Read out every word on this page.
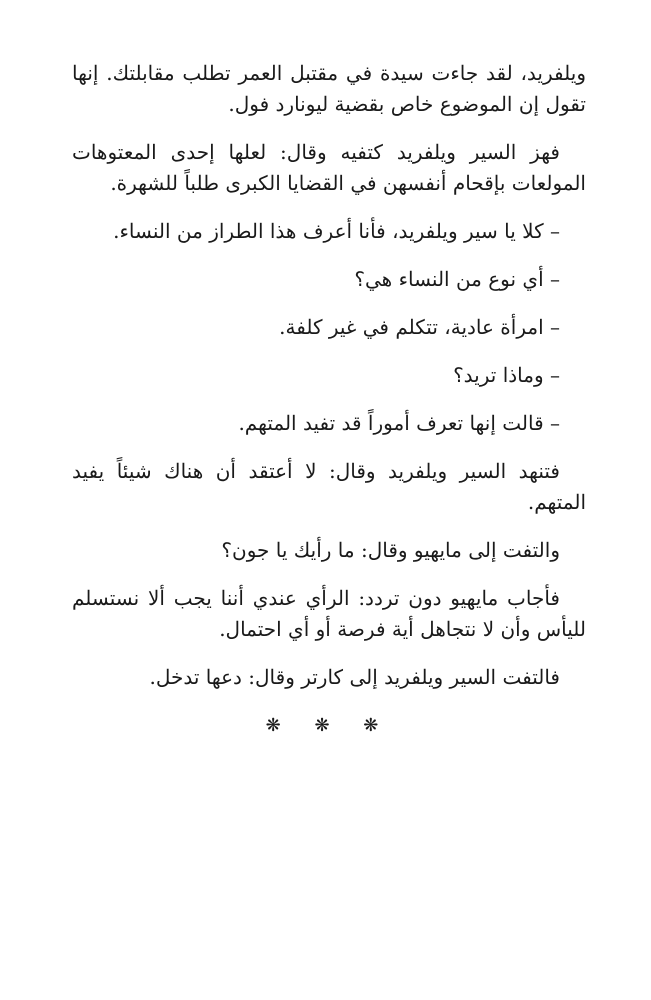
ويلفريد، لقد جاءت سيدة في مقتبل العمر تطلب مقابلتك. إنها تقول إن الموضوع خاص بقضية ليونارد فول.

فهز السير ويلفريد كتفيه وقال: لعلها إحدى المعتوهات المولعات بإقحام أنفسهن في القضايا الكبرى طلباً للشهرة.

– كلا يا سير ويلفريد، فأنا أعرف هذا الطراز من النساء.

– أي نوع من النساء هي؟

– امرأة عادية، تتكلم في غير كلفة.

– وماذا تريد؟

– قالت إنها تعرف أموراً قد تفيد المتهم.

فتنهد السير ويلفريد وقال: لا أعتقد أن هناك شيئاً يفيد المتهم.

والتفت إلى مايهيو وقال: ما رأيك يا جون؟

فأجاب مايهيو دون تردد: الرأي عندي أننا يجب ألا نستسلم لليأس وأن لا نتجاهل أية فرصة أو أي احتمال.

فالتفت السير ويلفريد إلى كارتر وقال: دعها تدخل.

❋ ❋ ❋
